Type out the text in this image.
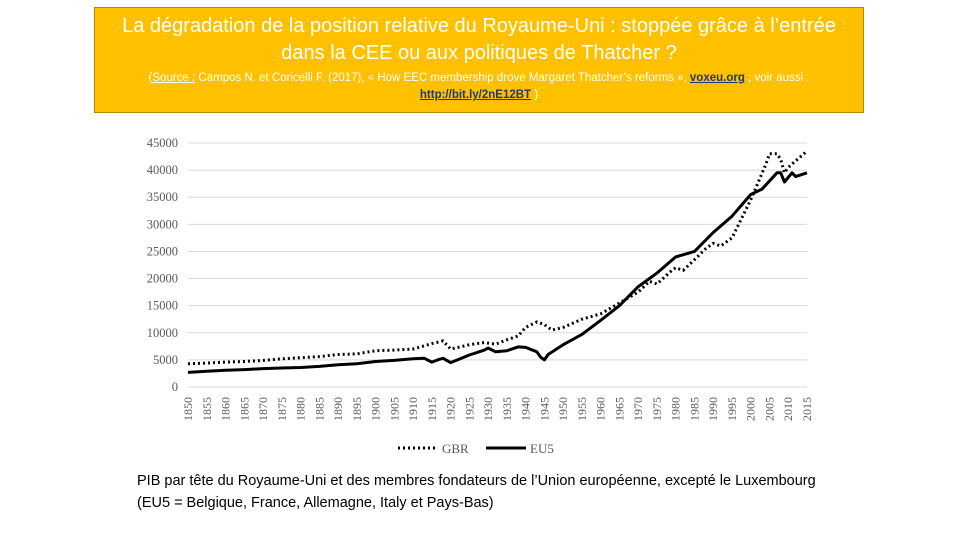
La dégradation de la position relative du Royaume-Uni : stoppée grâce à l’entrée dans la CEE ou aux politiques de Thatcher ?
(Source : Campos N. et Coricelli F. (2017), « How EEC membership drove Margaret Thatcher’s reforms », voxeu.org ; voir aussi : http://bit.ly/2nE12BT )
0
5000
10000
15000
20000
25000
30000
35000
40000
45000
1850 1855 1860 1865 1870 1875 1880 1885 1890 1895 1900 1905 1910 1915 1920 1925 1930 1935 1940 1945 1950 1955 1960 1965 1970 1975 1980 1985 1990 1995 2000 2005 2010 2015
GBR	EU5
PIB par tête du Royaume-Uni et des membres fondateurs de l’Union européenne, excepté le Luxembourg (EU5 = Belgique, France, Allemagne, Italy et Pays-Bas)
